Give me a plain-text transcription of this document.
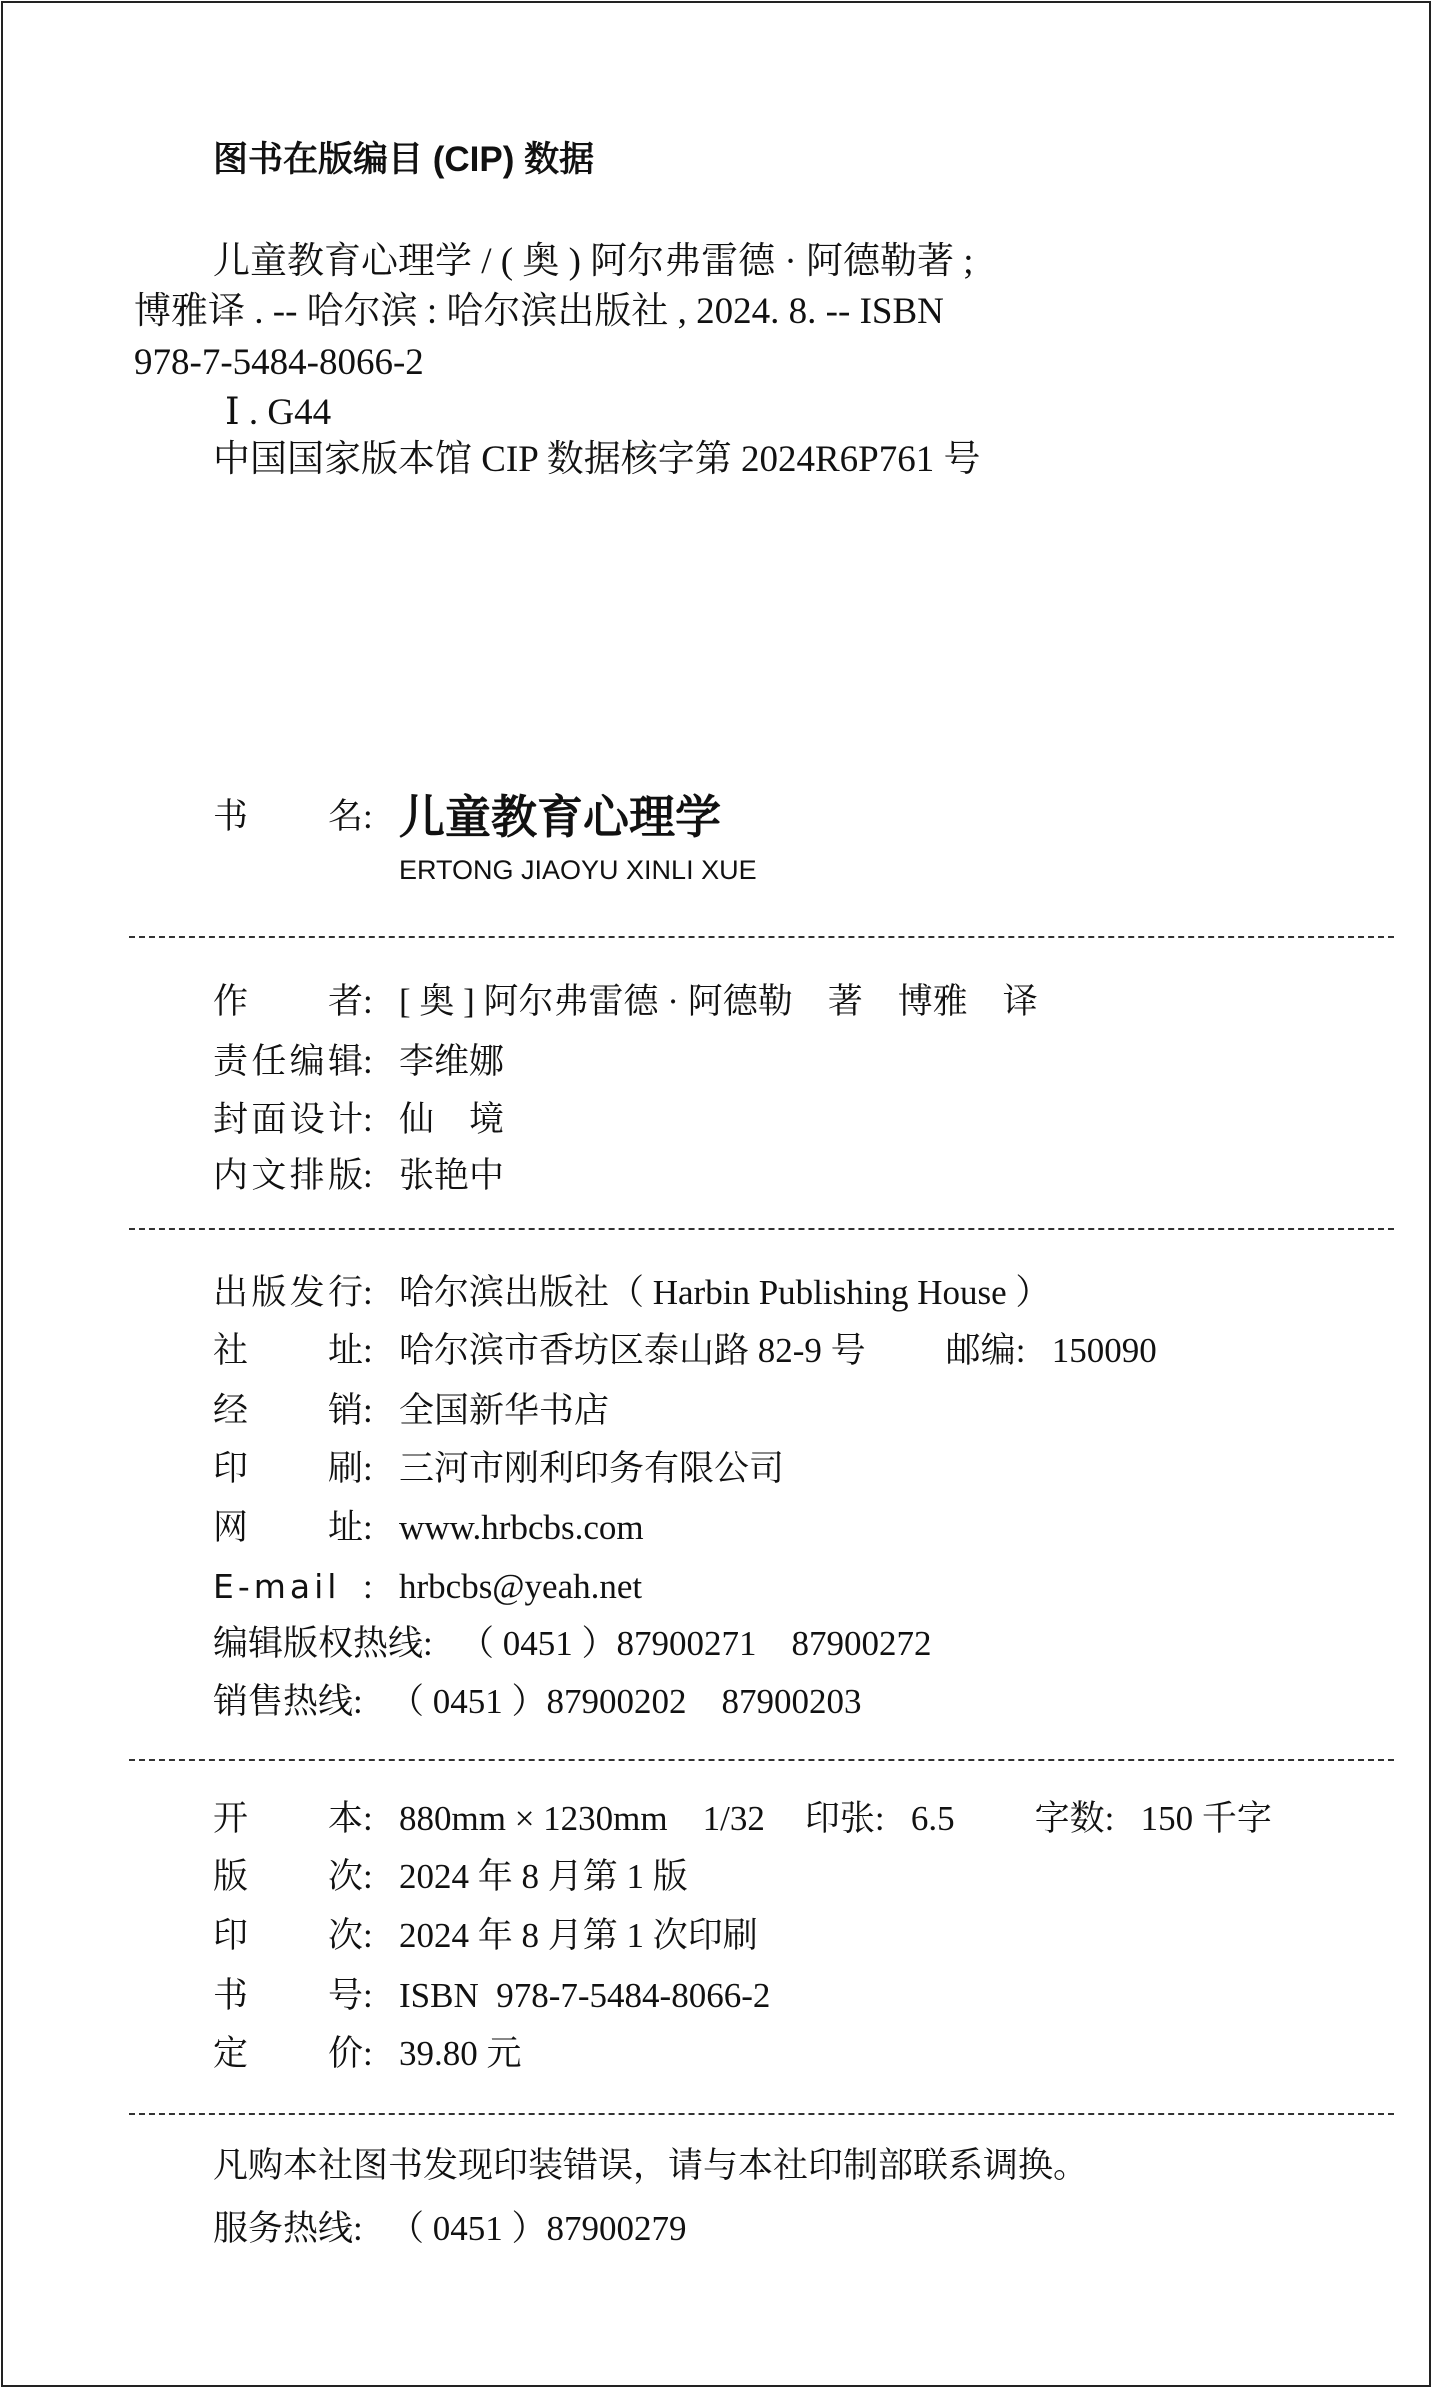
图书在版编目 (CIP) 数据
儿童教育心理学 / ( 奥 ) 阿尔弗雷德 · 阿德勒著 ;
博雅译 . -- 哈尔滨 : 哈尔滨出版社 , 2024. 8. -- ISBN
978-7-5484-8066-2
Ⅰ . G44
中国国家版本馆 CIP 数据核字第 2024R6P761 号
书名 : 儿童教育心理学
ERTONG JIAOYU XINLI XUE
作者 : [ 奥 ] 阿尔弗雷德 · 阿德勒　著　博雅　译
责任编辑 : 李维娜
封面设计 : 仙　境
内文排版 : 张艳中
出版发行 : 哈尔滨出版社（ Harbin Publishing House ）
社址 : 哈尔滨市香坊区泰山路 82-9 号 邮编 : 150090
经销 : 全国新华书店
印刷 : 三河市刚利印务有限公司
网址 : www.hrbcbs.com
E-mail : hrbcbs@yeah.net
编辑版权热线 : （ 0451 ）87900271　87900272
销售热线 : （ 0451 ）87900202　87900203
开本 : 880mm × 1230mm　1/32 印张 : 6.5 字数 : 150 千字
版次 : 2024 年 8 月第 1 版
印次 : 2024 年 8 月第 1 次印刷
书号 : ISBN  978-7-5484-8066-2
定价 : 39.80 元
凡购本社图书发现印装错误，请与本社印制部联系调换。
服务热线 : （ 0451 ）87900279
